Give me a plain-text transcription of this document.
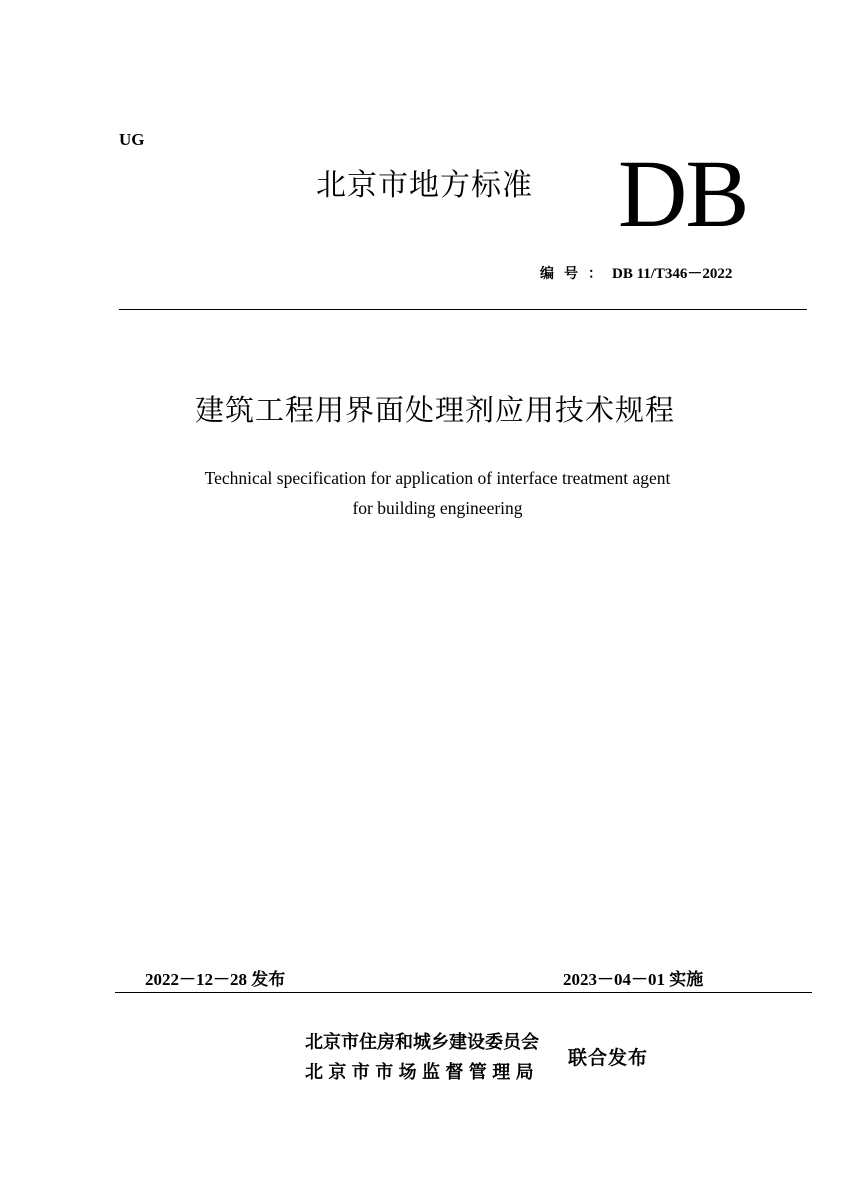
UG
北京市地方标准 DB
编号：DB 11/T346－2022
建筑工程用界面处理剂应用技术规程
Technical specification for application of interface treatment agent
for building engineering
2022－12－28 发布	2023－04－01 实施
北京市住房和城乡建设委员会
北京市市场监督管理局
联合发布
